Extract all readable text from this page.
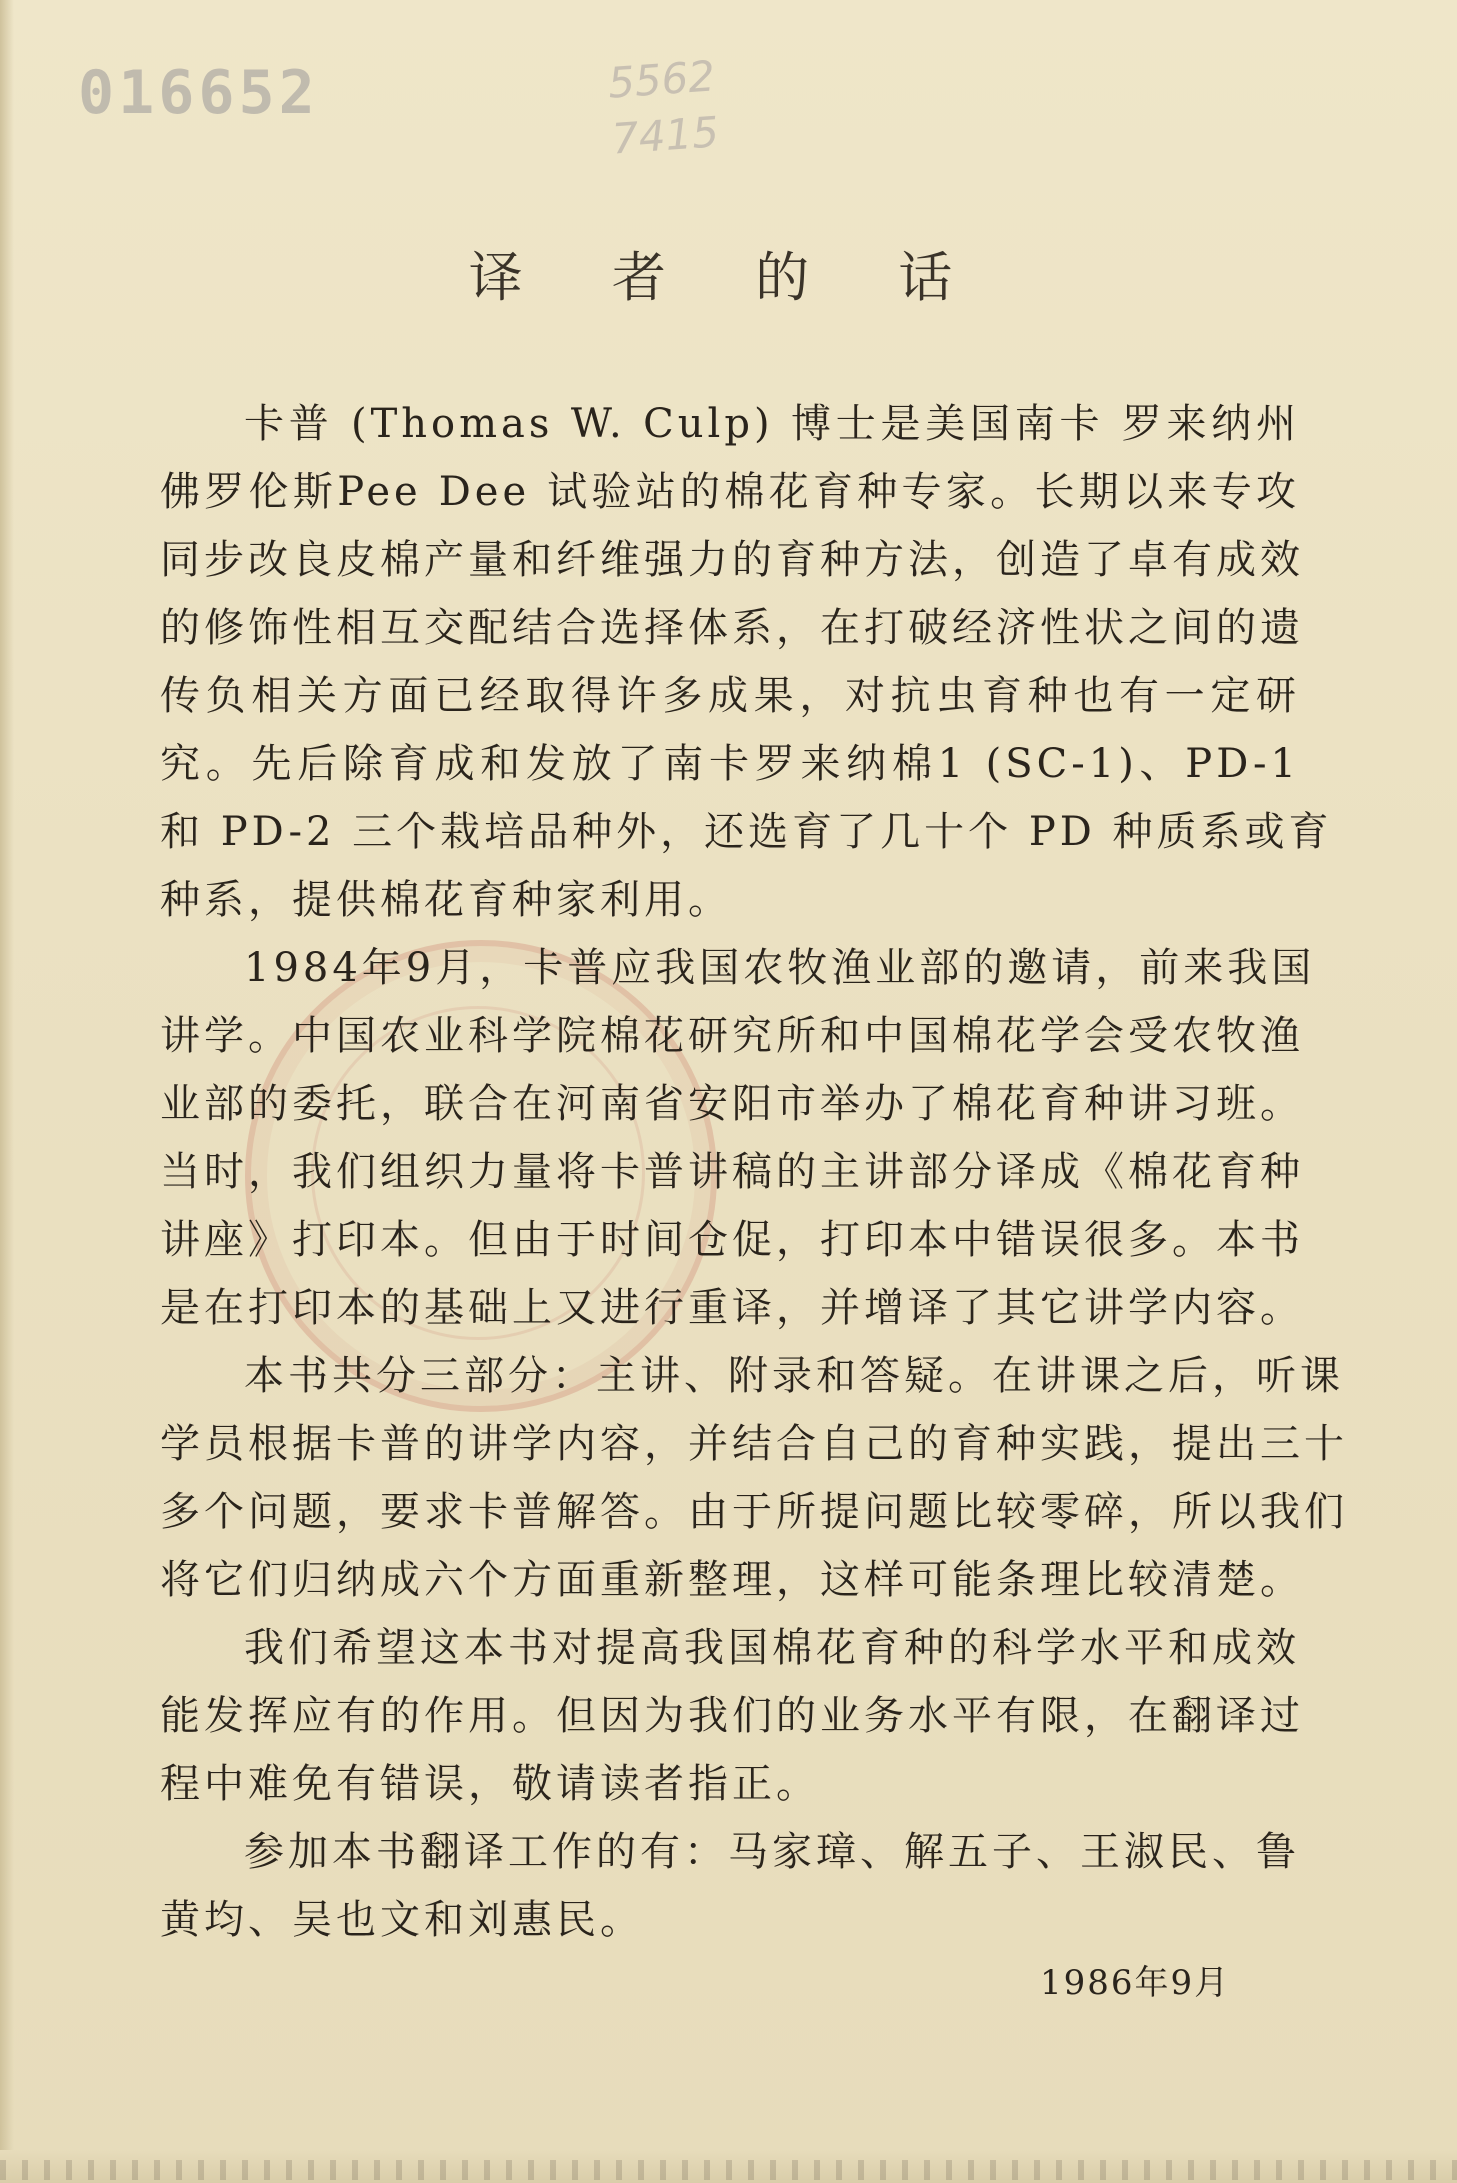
016652	5562
7415
译 者 的 话
卡普 (Thomas W. Culp) 博士是美国南卡 罗来纳州
佛罗伦斯Pee Dee 试验站的棉花育种专家。长期以来专攻
同步改良皮棉产量和纤维强力的育种方法，创造了卓有成效
的修饰性相互交配结合选择体系，在打破经济性状之间的遗
传负相关方面已经取得许多成果，对抗虫育种也有一定研
究。先后除育成和发放了南卡罗来纳棉1 (SC-1)、PD-1
和 PD-2 三个栽培品种外，还选育了几十个 PD 种质系或育
种系，提供棉花育种家利用。
1984年9月，卡普应我国农牧渔业部的邀请，前来我国
讲学。中国农业科学院棉花研究所和中国棉花学会受农牧渔
业部的委托，联合在河南省安阳市举办了棉花育种讲习班。
当时，我们组织力量将卡普讲稿的主讲部分译成《棉花育种
讲座》打印本。但由于时间仓促，打印本中错误很多。本书
是在打印本的基础上又进行重译，并增译了其它讲学内容。
本书共分三部分：主讲、附录和答疑。在讲课之后，听课
学员根据卡普的讲学内容，并结合自己的育种实践，提出三十
多个问题，要求卡普解答。由于所提问题比较零碎，所以我们
将它们归纳成六个方面重新整理，这样可能条理比较清楚。
我们希望这本书对提高我国棉花育种的科学水平和成效
能发挥应有的作用。但因为我们的业务水平有限，在翻译过
程中难免有错误，敬请读者指正。
参加本书翻译工作的有：马家璋、解五子、王淑民、鲁
黄均、吴也文和刘惠民。
1986年9月
